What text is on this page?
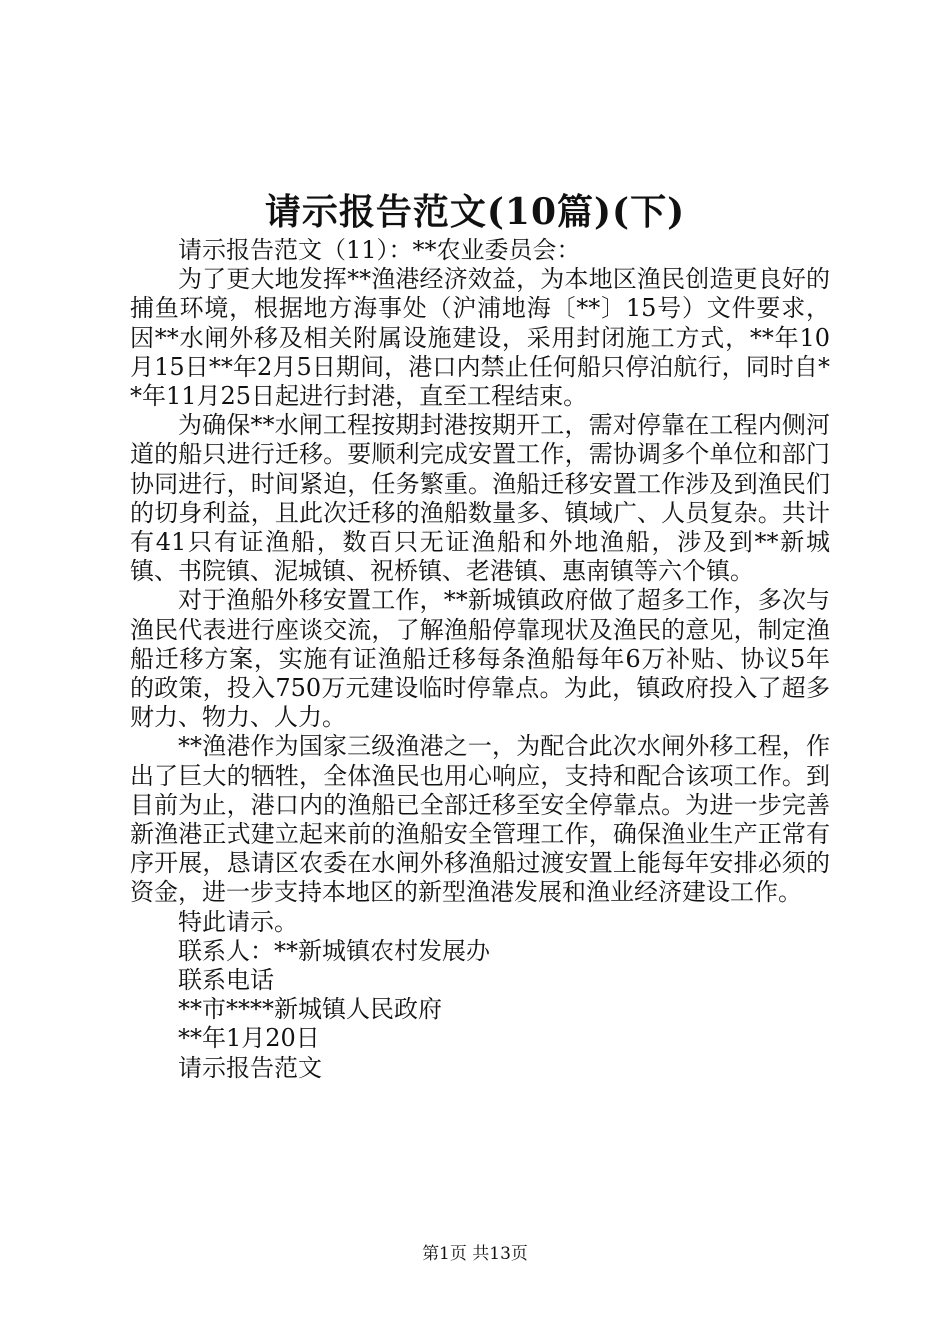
请示报告范文(10篇)(下)

请示报告范文（11）：**农业委员会：

为了更大地发挥**渔港经济效益，为本地区渔民创造更良好的捕鱼环境，根据地方海事处（沪浦地海〔**〕15号）文件要求，因**水闸外移及相关附属设施建设，采用封闭施工方式，**年10月15日**年2月5日期间，港口内禁止任何船只停泊航行，同时自**年11月25日起进行封港，直至工程结束。

为确保**水闸工程按期封港按期开工，需对停靠在工程内侧河道的船只进行迁移。要顺利完成安置工作，需协调多个单位和部门协同进行，时间紧迫，任务繁重。渔船迁移安置工作涉及到渔民们的切身利益，且此次迁移的渔船数量多、镇域广、人员复杂。共计有41只有证渔船，数百只无证渔船和外地渔船，涉及到**新城镇、书院镇、泥城镇、祝桥镇、老港镇、惠南镇等六个镇。

对于渔船外移安置工作，**新城镇政府做了超多工作，多次与渔民代表进行座谈交流，了解渔船停靠现状及渔民的意见，制定渔船迁移方案，实施有证渔船迁移每条渔船每年6万补贴、协议5年的政策，投入750万元建设临时停靠点。为此，镇政府投入了超多财力、物力、人力。

**渔港作为国家三级渔港之一，为配合此次水闸外移工程，作出了巨大的牺牲，全体渔民也用心响应，支持和配合该项工作。到目前为止，港口内的渔船已全部迁移至安全停靠点。为进一步完善新渔港正式建立起来前的渔船安全管理工作，确保渔业生产正常有序开展，恳请区农委在水闸外移渔船过渡安置上能每年安排必须的资金，进一步支持本地区的新型渔港发展和渔业经济建设工作。

特此请示。

联系人：**新城镇农村发展办

联系电话

**市****新城镇人民政府

**年1月20日

请示报告范文

第1页 共13页
